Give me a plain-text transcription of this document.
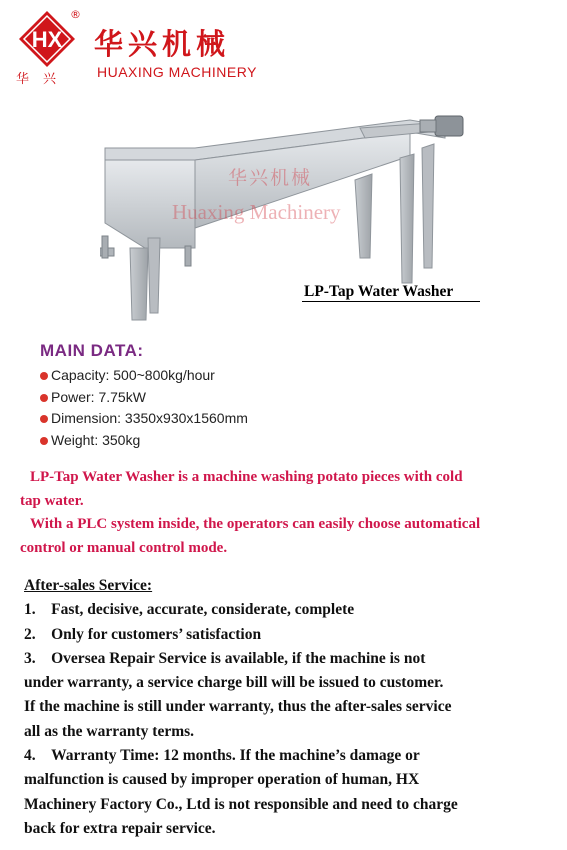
HX
®
华兴
华兴机械
HUAXING MACHINERY
华兴机械
Huaxing Machinery
LP-Tap Water Washer
MAIN DATA:
Capacity: 500~800kg/hour
Power: 7.75kW
Dimension: 3350x930x1560mm
Weight: 350kg

LP-Tap Water Washer is a machine washing potato pieces with cold

tap water.

With a PLC system inside, the operators can easily choose automatical

control or manual control mode.

After-sales Service:

1.    Fast, decisive, accurate, considerate, complete

2.    Only for customers’ satisfaction

3.    Oversea Repair Service is available, if the machine is not

under warranty, a service charge bill will be issued to customer.

If the machine is still under warranty, thus the after-sales service

all as the warranty terms.

4.    Warranty Time: 12 months. If the machine’s damage or

malfunction is caused by improper operation of human, HX

Machinery Factory Co., Ltd is not responsible and need to charge

back for extra repair service.
